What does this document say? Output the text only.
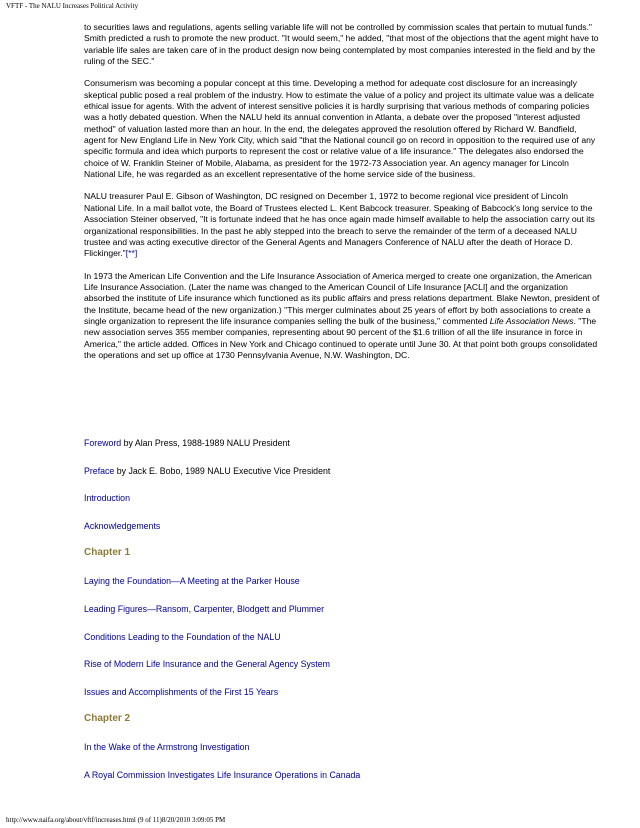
VFTF - The NALU Increases Political Activity

to securities laws and regulations, agents selling variable life will not be controlled by commission scales that pertain to mutual funds." Smith predicted a rush to promote the new product. "It would seem," he added, "that most of the objections that the agent might have to variable life sales are taken care of in the product design now being contemplated by most companies interested in the field and by the ruling of the SEC."

Consumerism was becoming a popular concept at this time. Developing a method for adequate cost disclosure for an increasingly skeptical public posed a real problem of the industry. How to estimate the value of a policy and project its ultimate value was a delicate ethical issue for agents. With the advent of interest sensitive policies it is hardly surprising that various methods of comparing policies was a hotly debated question. When the NALU held its annual convention in Atlanta, a debate over the proposed "interest adjusted method" of valuation lasted more than an hour. In the end, the delegates approved the resolution offered by Richard W. Bandfield, agent for New England Life in New York City, which said "that the National council go on record in opposition to the required use of any specific formula and idea which purports to represent the cost or relative value of a life insurance." The delegates also endorsed the choice of W. Franklin Steiner of Mobile, Alabama, as president for the 1972-73 Association year. An agency manager for Lincoln National Life, he was regarded as an excellent representative of the home service side of the business.

NALU treasurer Paul E. Gibson of Washington, DC resigned on December 1, 1972 to become regional vice president of Lincoln National Life. In a mail ballot vote, the Board of Trustees elected L. Kent Babcock treasurer. Speaking of Babcock's long service to the Association Steiner observed, "It is fortunate indeed that he has once again made himself available to help the association carry out its organizational responsibilities. In the past he ably stepped into the breach to serve the remainder of the term of a deceased NALU trustee and was acting executive director of the General Agents and Managers Conference of NALU after the death of Horace D. Flickinger."[**]

In 1973 the American Life Convention and the Life Insurance Association of America merged to create one organization, the American Life Insurance Association. (Later the name was changed to the American Council of Life Insurance [ACLI] and the organization absorbed the institute of Life insurance which functioned as its public affairs and press relations department. Blake Newton, president of the Institute, became head of the new organization.) "This merger culminates about 25 years of effort by both associations to create a single organization to represent the life insurance companies selling the bulk of the business," commented Life Association News. "The new association serves 355 member companies, representing about 90 percent of the $1.6 trillion of all the life insurance in force in America," the article added. Offices in New York and Chicago continued to operate until June 30. At that point both groups consolidated the operations and set up office at 1730 Pennsylvania Avenue, N.W. Washington, DC.

Foreword by Alan Press, 1988-1989 NALU President

Preface by Jack E. Bobo, 1989 NALU Executive Vice President

Introduction
Acknowledgements
Chapter 1
Laying the Foundation—A Meeting at the Parker House
Leading Figures—Ransom, Carpenter, Blodgett and Plummer
Conditions Leading to the Foundation of the NALU
Rise of Modern Life Insurance and the General Agency System
Issues and Accomplishments of the First 15 Years
Chapter 2
In the Wake of the Armstrong Investigation
A Royal Commission Investigates Life Insurance Operations in Canada
http://www.naifa.org/about/vftf/increases.html (9 of 11)8/20/2010 3:09:05 PM
